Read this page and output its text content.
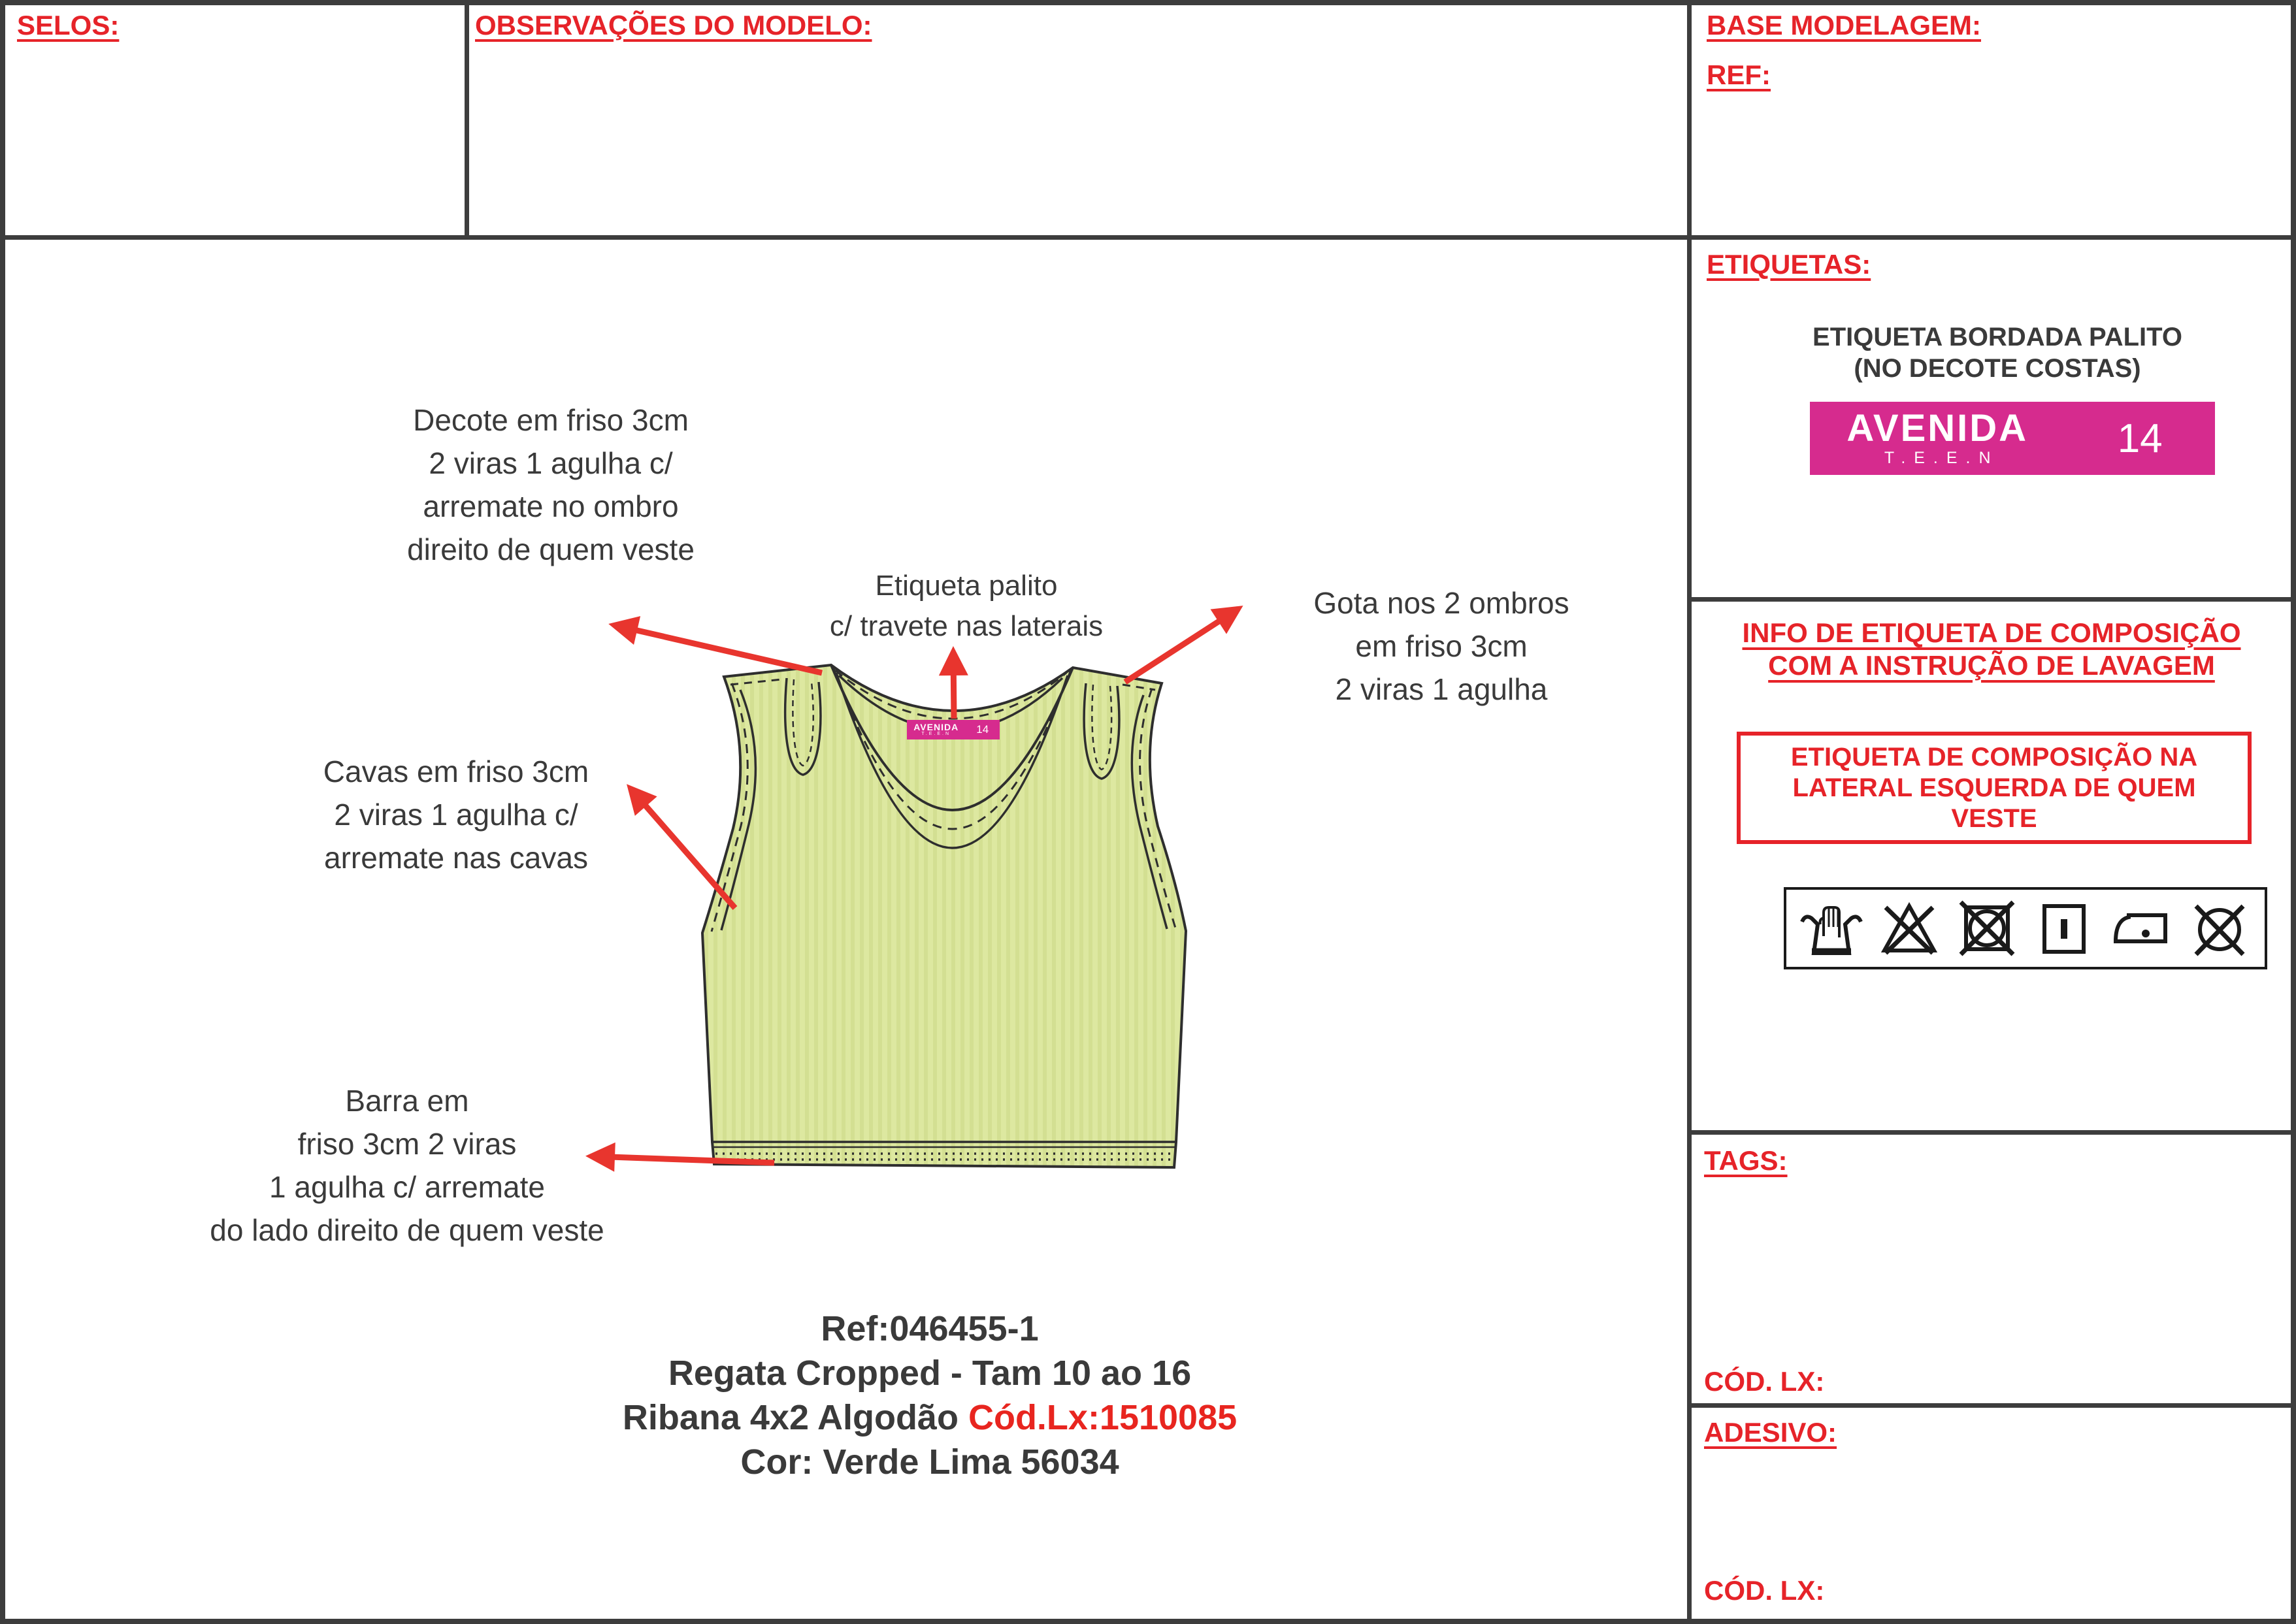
SELOS:	OBSERVAÇÕES DO MODELO:	BASE MODELAGEM:
REF:
ETIQUETAS:
ETIQUETA BORDADA PALITO
(NO DECOTE COSTAS)
AVENIDA
T.E.E.N	14
INFO DE ETIQUETA DE COMPOSIÇÃO
COM A INSTRUÇÃO DE LAVAGEM
ETIQUETA DE COMPOSIÇÃO NA
LATERAL ESQUERDA DE QUEM
VESTE
TAGS:
CÓD. LX:
ADESIVO:
CÓD. LX:
AVENIDA
T.E.E.N	14
Decote em friso 3cm
2 viras 1 agulha c/
arremate no ombro
direito de quem veste
Etiqueta palito
c/ travete nas laterais
Gota nos 2 ombros
em friso 3cm
2 viras 1 agulha
Cavas em friso 3cm
2 viras 1 agulha c/
arremate nas cavas
Barra em
friso 3cm 2 viras
1 agulha c/ arremate
do lado direito de quem veste
Ref:046455-1
Regata Cropped - Tam 10 ao 16
Ribana 4x2 Algodão Cód.Lx:1510085
Cor: Verde Lima 56034
